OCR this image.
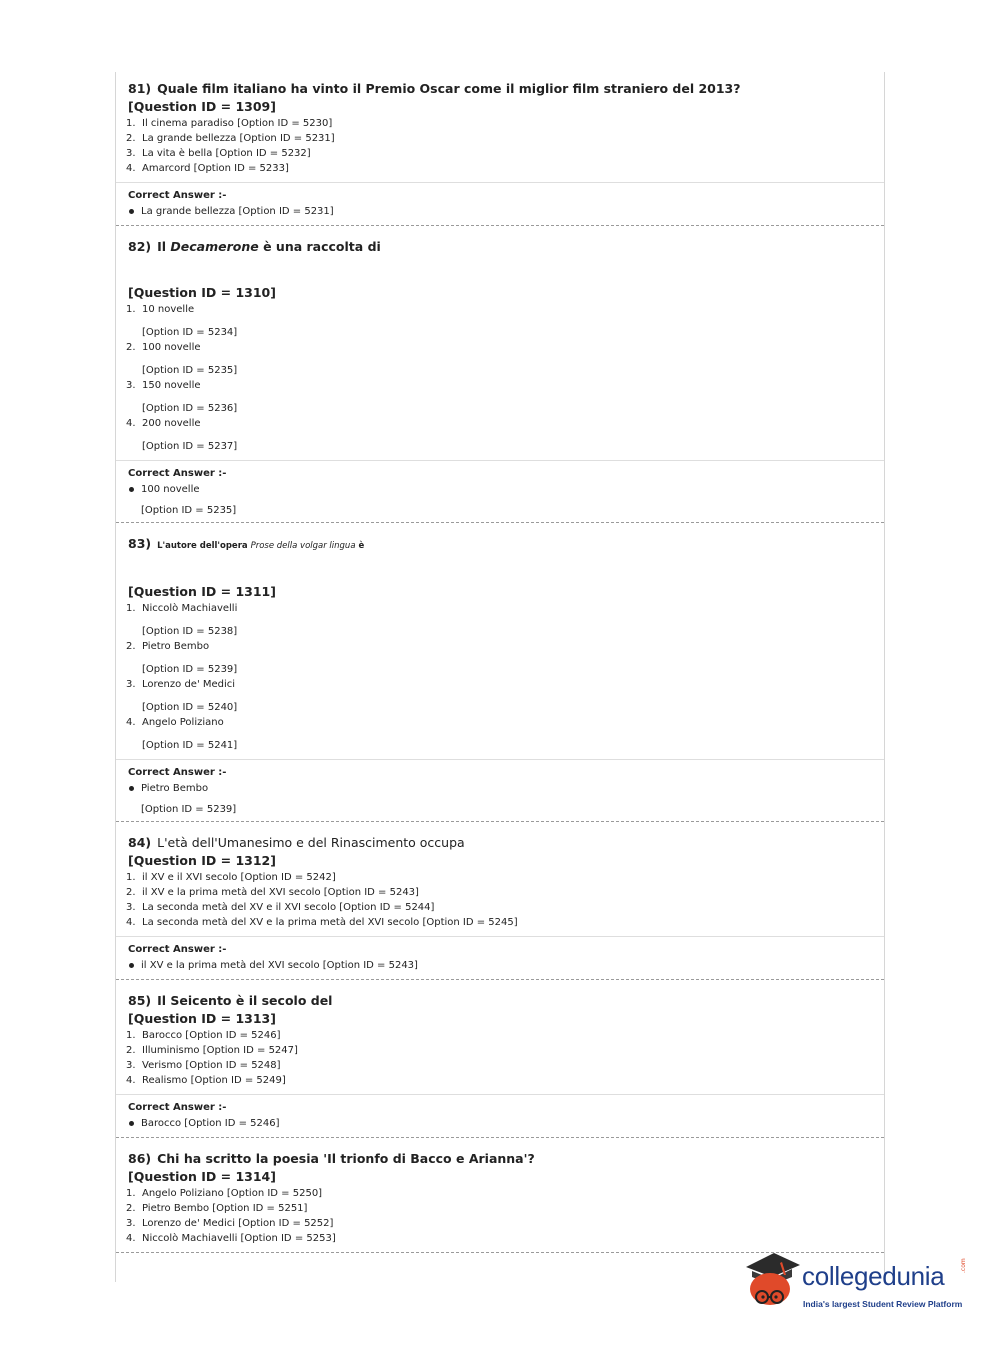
81) Quale film italiano ha vinto il Premio Oscar come il miglior film straniero del 2013?
[Question ID = 1309]
1. Il cinema paradiso [Option ID = 5230]
2. La grande bellezza [Option ID = 5231]
3. La vita è bella [Option ID = 5232]
4. Amarcord [Option ID = 5233]
Correct Answer :-
La grande bellezza [Option ID = 5231]
82) Il Decamerone è una raccolta di
[Question ID = 1310]
1. 10 novelle
[Option ID = 5234]
2. 100 novelle
[Option ID = 5235]
3. 150 novelle
[Option ID = 5236]
4. 200 novelle
[Option ID = 5237]
Correct Answer :-
100 novelle
[Option ID = 5235]
83) L'autore dell'opera Prose della volgar lingua è
[Question ID = 1311]
1. Niccolò Machiavelli
[Option ID = 5238]
2. Pietro Bembo
[Option ID = 5239]
3. Lorenzo de' Medici
[Option ID = 5240]
4. Angelo Poliziano
[Option ID = 5241]
Correct Answer :-
Pietro Bembo
[Option ID = 5239]
84) L'età dell'Umanesimo e del Rinascimento occupa
[Question ID = 1312]
1. il XV e il XVI secolo [Option ID = 5242]
2. il XV e la prima metà del XVI secolo [Option ID = 5243]
3. La seconda metà del XV e il XVI secolo [Option ID = 5244]
4. La seconda metà del XV e la prima metà del XVI secolo [Option ID = 5245]
Correct Answer :-
il XV e la prima metà del XVI secolo [Option ID = 5243]
85) Il Seicento è il secolo del
[Question ID = 1313]
1. Barocco [Option ID = 5246]
2. Illuminismo [Option ID = 5247]
3. Verismo [Option ID = 5248]
4. Realismo [Option ID = 5249]
Correct Answer :-
Barocco [Option ID = 5246]
86) Chi ha scritto la poesia 'Il trionfo di Bacco e Arianna'?
[Question ID = 1314]
1. Angelo Poliziano [Option ID = 5250]
2. Pietro Bembo [Option ID = 5251]
3. Lorenzo de' Medici [Option ID = 5252]
4. Niccolò Machiavelli [Option ID = 5253]
collegedunia	.com
India's largest Student Review Platform
